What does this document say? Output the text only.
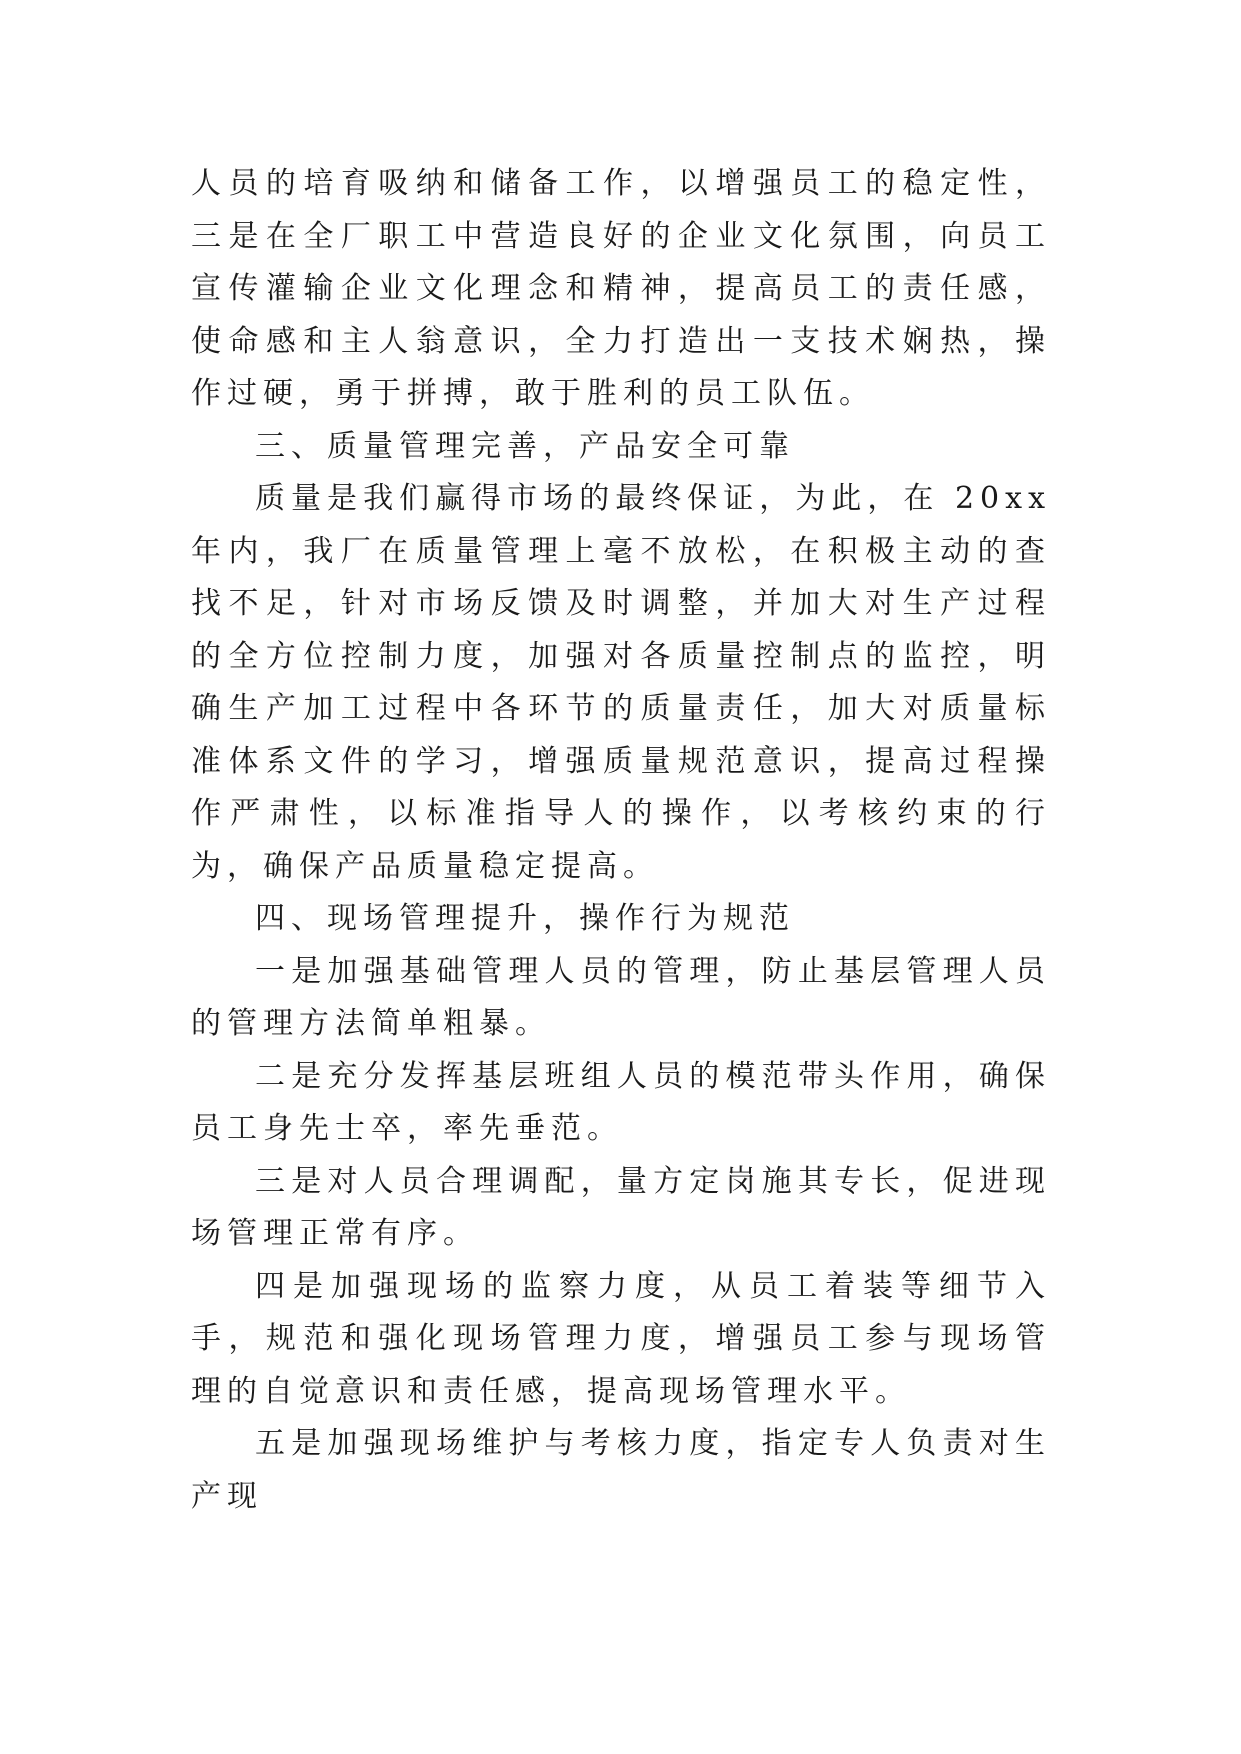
人员的培育吸纳和储备工作，以增强员工的稳定性，三是在全厂职工中营造良好的企业文化氛围，向员工宣传灌输企业文化理念和精神，提高员工的责任感，使命感和主人翁意识，全力打造出一支技术娴热，操作过硬，勇于拼搏，敢于胜利的员工队伍。

三、质量管理完善，产品安全可靠

质量是我们赢得市场的最终保证，为此，在 20xx 年内，我厂在质量管理上毫不放松，在积极主动的查找不足，针对市场反馈及时调整，并加大对生产过程的全方位控制力度，加强对各质量控制点的监控，明确生产加工过程中各环节的质量责任，加大对质量标准体系文件的学习，增强质量规范意识，提高过程操作严肃性，以标准指导人的操作，以考核约束的行为，确保产品质量稳定提高。

四、现场管理提升，操作行为规范

一是加强基础管理人员的管理，防止基层管理人员的管理方法简单粗暴。

二是充分发挥基层班组人员的模范带头作用，确保员工身先士卒，率先垂范。

三是对人员合理调配，量方定岗施其专长，促进现场管理正常有序。

四是加强现场的监察力度，从员工着装等细节入手，规范和强化现场管理力度，增强员工参与现场管理的自觉意识和责任感，提高现场管理水平。

五是加强现场维护与考核力度，指定专人负责对生产现
